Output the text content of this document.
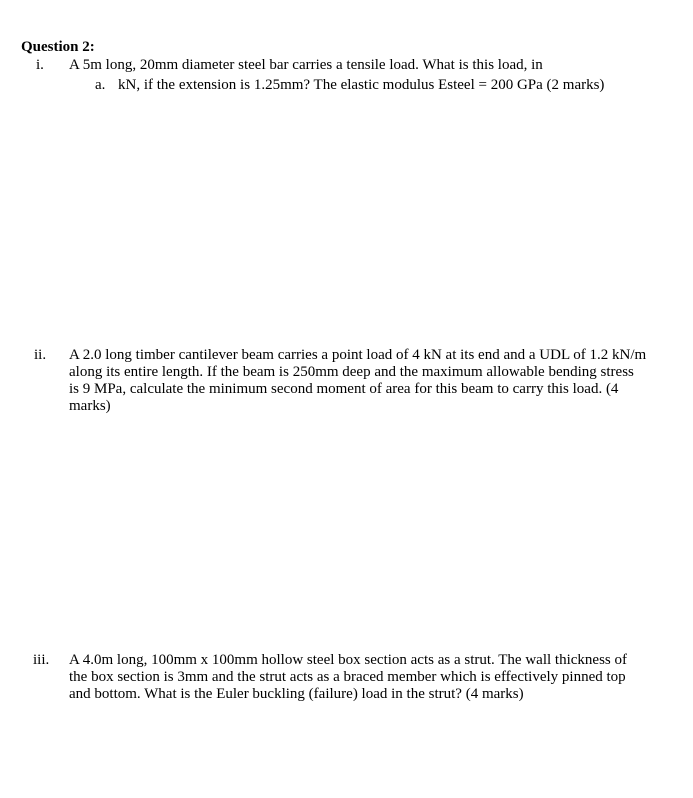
Question 2:
i. A 5m long, 20mm diameter steel bar carries a tensile load. What is this load, in

a. kN, if the extension is 1.25mm? The elastic modulus Esteel = 200 GPa (2 marks)

ii. A 2.0 long timber cantilever beam carries a point load of 4 kN at its end and a UDL of 1.2 kN/m along its entire length. If the beam is 250mm deep and the maximum allowable bending stress is 9 MPa, calculate the minimum second moment of area for this beam to carry this load. (4 marks)

iii. A 4.0m long, 100mm x 100mm hollow steel box section acts as a strut. The wall thickness of the box section is 3mm and the strut acts as a braced member which is effectively pinned top and bottom. What is the Euler buckling (failure) load in the strut? (4 marks)
